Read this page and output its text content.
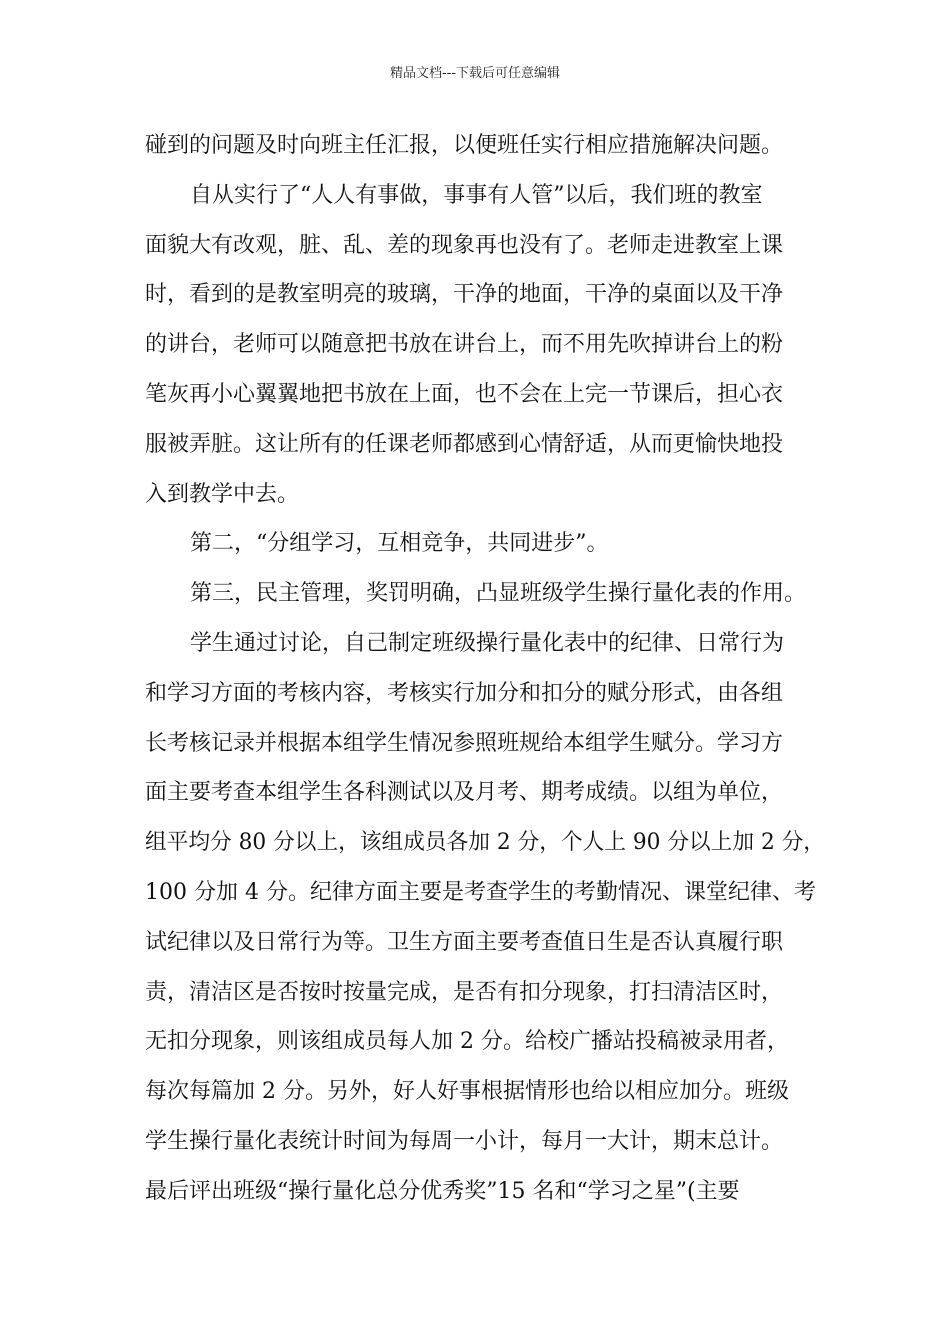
精品文档---下载后可任意编辑
碰到的问题及时向班主任汇报，以便班任实行相应措施解决问题。
自从实行了“人人有事做，事事有人管”以后，我们班的教室
面貌大有改观，脏、乱、差的现象再也没有了。老师走进教室上课
时，看到的是教室明亮的玻璃，干净的地面，干净的桌面以及干净
的讲台，老师可以随意把书放在讲台上，而不用先吹掉讲台上的粉
笔灰再小心翼翼地把书放在上面，也不会在上完一节课后，担心衣
服被弄脏。这让所有的任课老师都感到心情舒适，从而更愉快地投
入到教学中去。
第二，“分组学习，互相竞争，共同进步”。
第三，民主管理，奖罚明确，凸显班级学生操行量化表的作用。
学生通过讨论，自己制定班级操行量化表中的纪律、日常行为
和学习方面的考核内容，考核实行加分和扣分的赋分形式，由各组
长考核记录并根据本组学生情况参照班规给本组学生赋分。学习方
面主要考查本组学生各科测试以及月考、期考成绩。以组为单位，
组平均分 80 分以上，该组成员各加 2 分，个人上 90 分以上加 2 分，
100 分加 4 分。纪律方面主要是考查学生的考勤情况、课堂纪律、考
试纪律以及日常行为等。卫生方面主要考查值日生是否认真履行职
责，清洁区是否按时按量完成，是否有扣分现象，打扫清洁区时，
无扣分现象，则该组成员每人加 2 分。给校广播站投稿被录用者，
每次每篇加 2 分。另外，好人好事根据情形也给以相应加分。班级
学生操行量化表统计时间为每周一小计，每月一大计，期末总计。
最后评出班级“操行量化总分优秀奖”15 名和“学习之星”(主要
